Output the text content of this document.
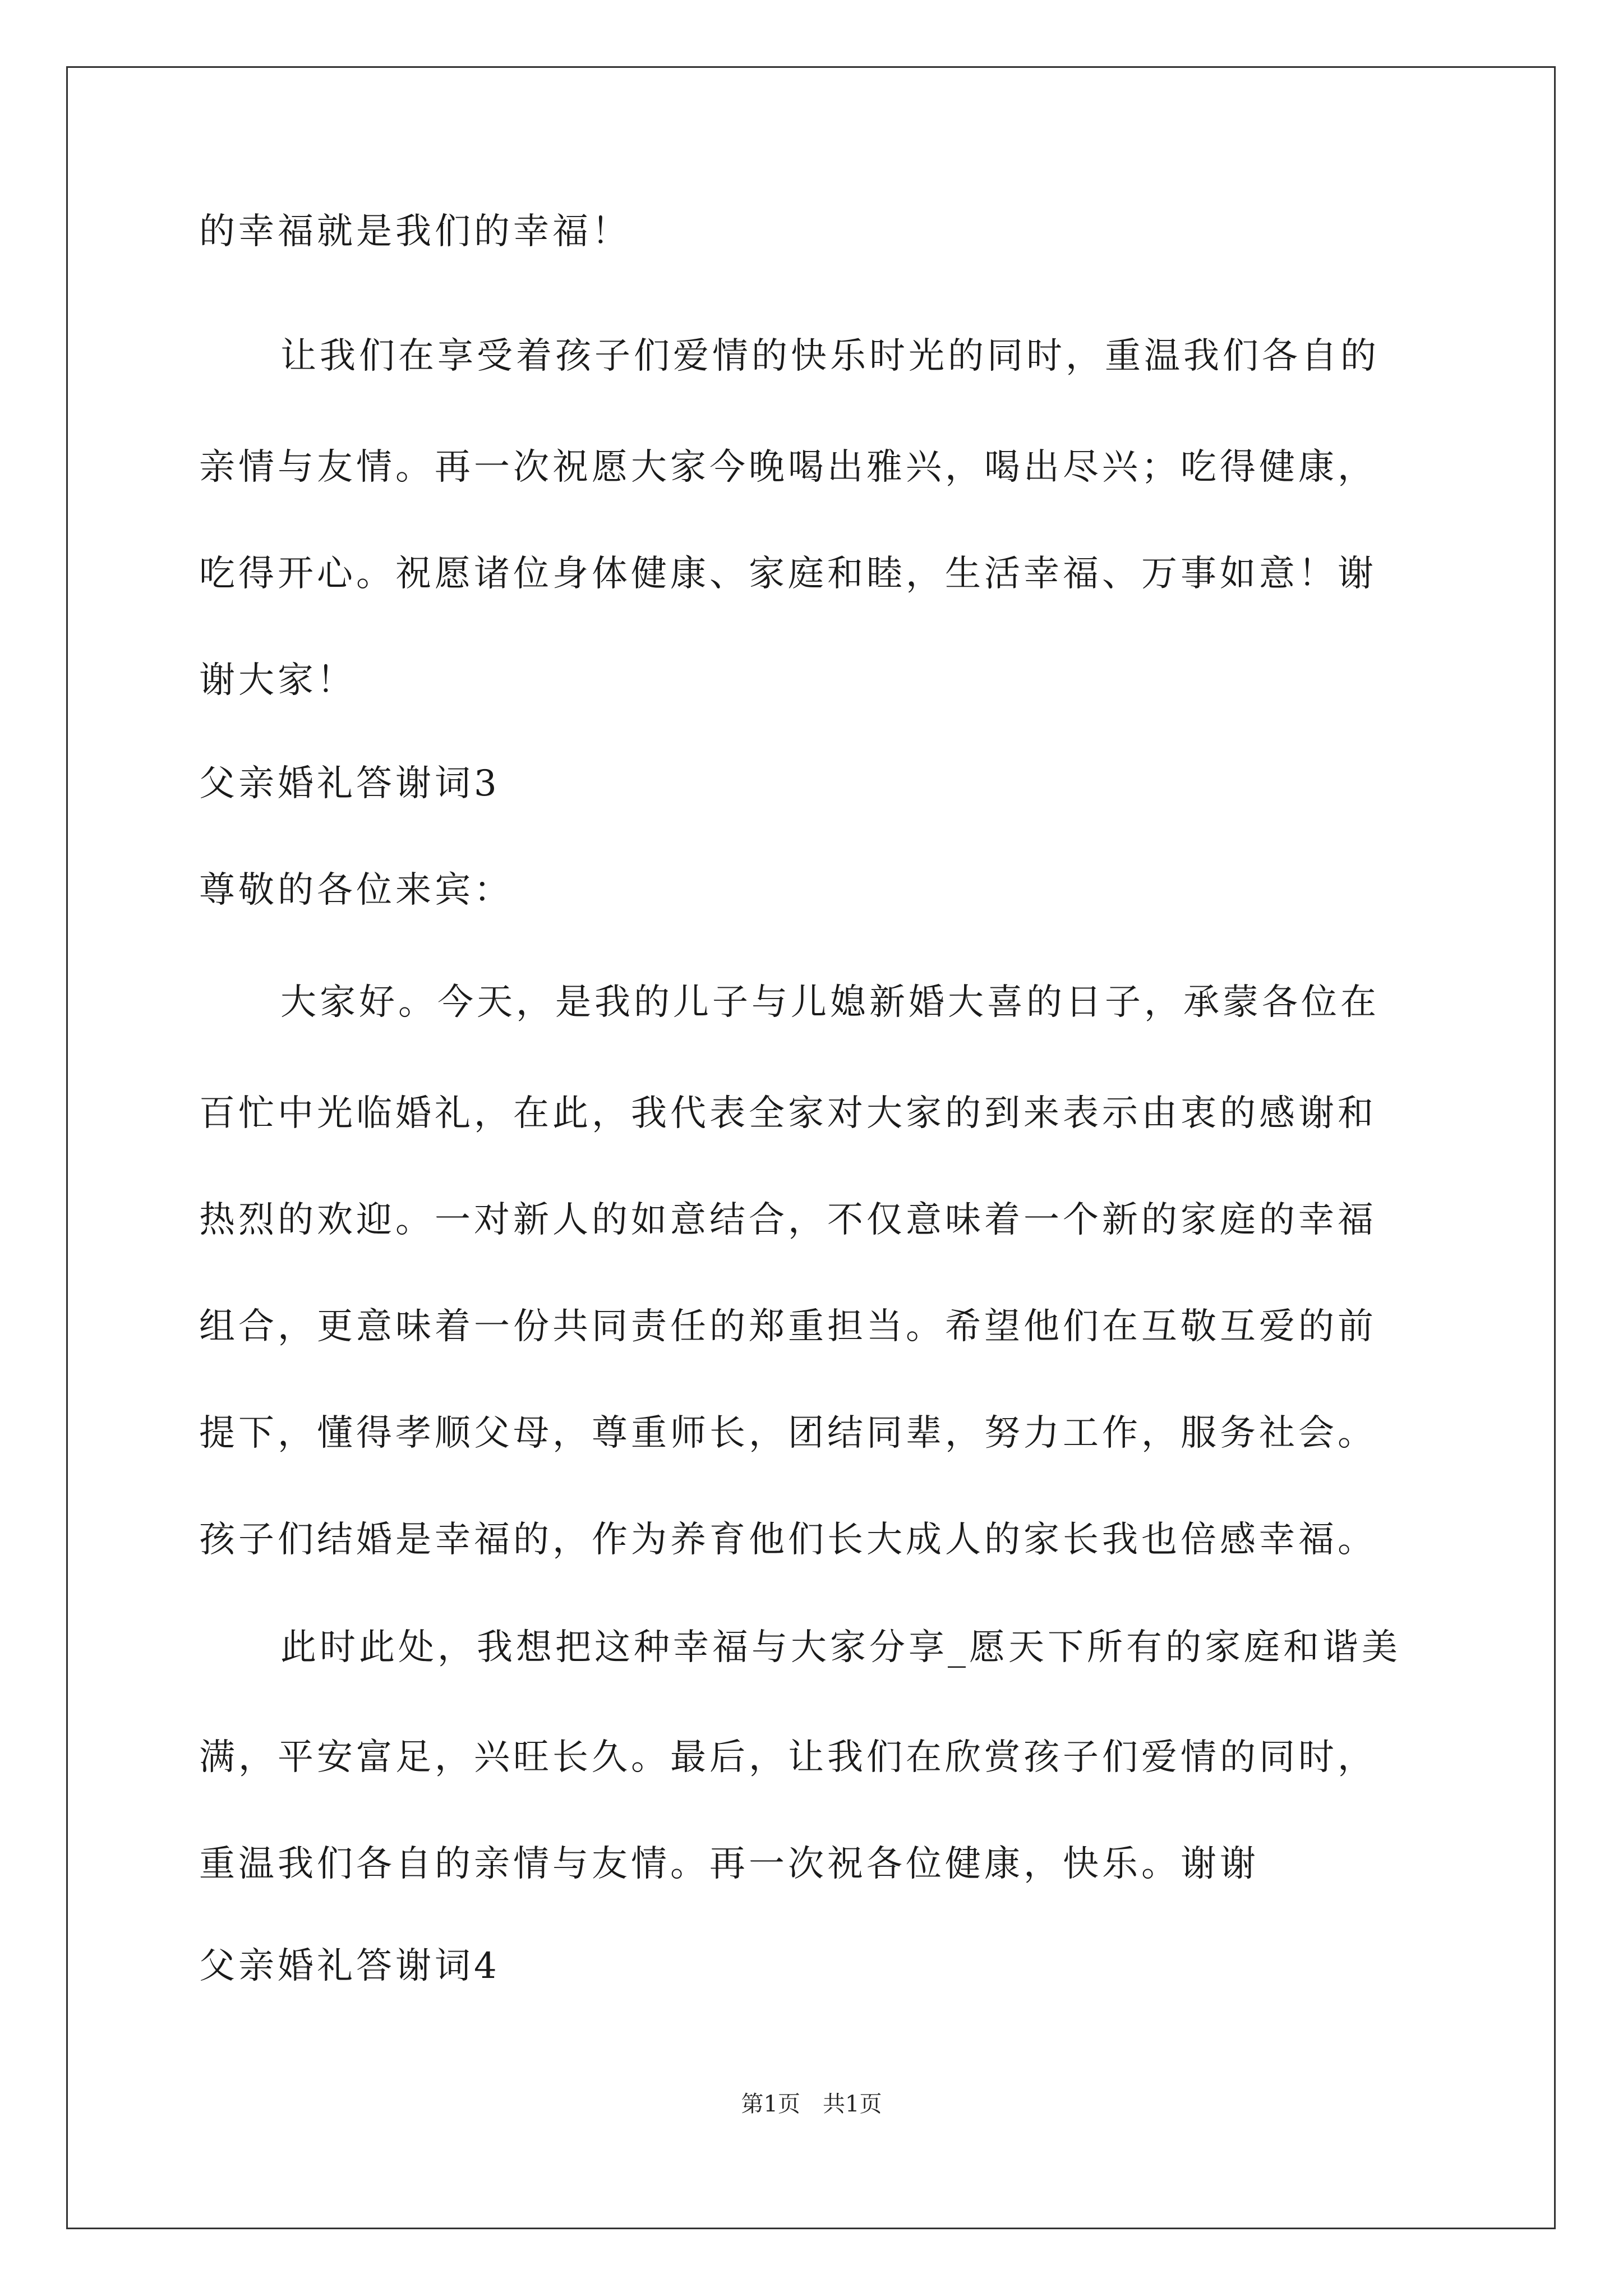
的幸福就是我们的幸福！
让我们在享受着孩子们爱情的快乐时光的同时，重温我们各自的
亲情与友情。再一次祝愿大家今晚喝出雅兴，喝出尽兴；吃得健康，
吃得开心。祝愿诸位身体健康、家庭和睦，生活幸福、万事如意！谢
谢大家！
父亲婚礼答谢词3
尊敬的各位来宾：
大家好。今天，是我的儿子与儿媳新婚大喜的日子，承蒙各位在
百忙中光临婚礼，在此，我代表全家对大家的到来表示由衷的感谢和
热烈的欢迎。一对新人的如意结合，不仅意味着一个新的家庭的幸福
组合，更意味着一份共同责任的郑重担当。希望他们在互敬互爱的前
提下，懂得孝顺父母，尊重师长，团结同辈，努力工作，服务社会。
孩子们结婚是幸福的，作为养育他们长大成人的家长我也倍感幸福。
此时此处，我想把这种幸福与大家分享_愿天下所有的家庭和谐美
满，平安富足，兴旺长久。最后，让我们在欣赏孩子们爱情的同时，
重温我们各自的亲情与友情。再一次祝各位健康，快乐。谢谢
父亲婚礼答谢词4
第1页　共1页
